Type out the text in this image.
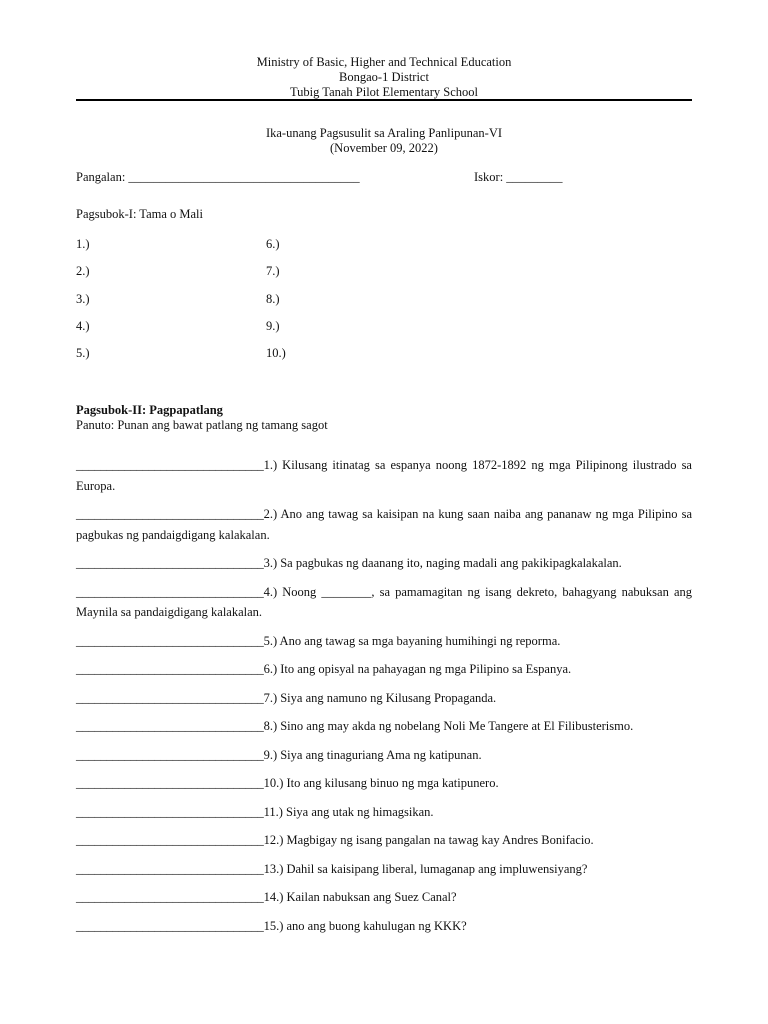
Ministry of Basic, Higher and Technical Education
Bongao-1 District
Tubig Tanah Pilot Elementary School
Ika-unang Pagsusulit sa Araling Panlipunan-VI
(November 09, 2022)
Pangalan: _____________________________________	Iskor: _________
Pagsubok-I: Tama o Mali
1.)	6.)
2.)	7.)
3.)	8.)
4.)	9.)
5.)	10.)
Pagsubok-II: Pagpapatlang
Panuto: Punan ang bawat patlang ng tamang sagot

_______________________________1.) Kilusang itinatag sa espanya noong 1872-1892 ng mga Pilipinong ilustrado sa Europa.

_______________________________2.) Ano ang tawag sa kaisipan na kung saan naiba ang pananaw ng mga Pilipino sa pagbukas ng pandaigdigang kalakalan.

_______________________________3.) Sa pagbukas ng daanang ito, naging madali ang pakikipagkalakalan.

_______________________________4.) Noong ________, sa pamamagitan ng isang dekreto, bahagyang nabuksan ang Maynila sa pandaigdigang kalakalan.

_______________________________5.) Ano ang tawag sa mga bayaning humihingi ng reporma.

_______________________________6.) Ito ang opisyal na pahayagan ng mga Pilipino sa Espanya.

_______________________________7.) Siya ang namuno ng Kilusang Propaganda.

_______________________________8.) Sino ang may akda ng nobelang Noli Me Tangere at El Filibusterismo.

_______________________________9.) Siya ang tinaguriang Ama ng katipunan.

_______________________________10.) Ito ang kilusang binuo ng mga katipunero.

_______________________________11.) Siya ang utak ng himagsikan.

_______________________________12.) Magbigay ng isang pangalan na tawag kay Andres Bonifacio.

_______________________________13.) Dahil sa kaisipang liberal, lumaganap ang impluwensiyang?

_______________________________14.) Kailan nabuksan ang Suez Canal?

_______________________________15.) ano ang buong kahulugan ng KKK?
